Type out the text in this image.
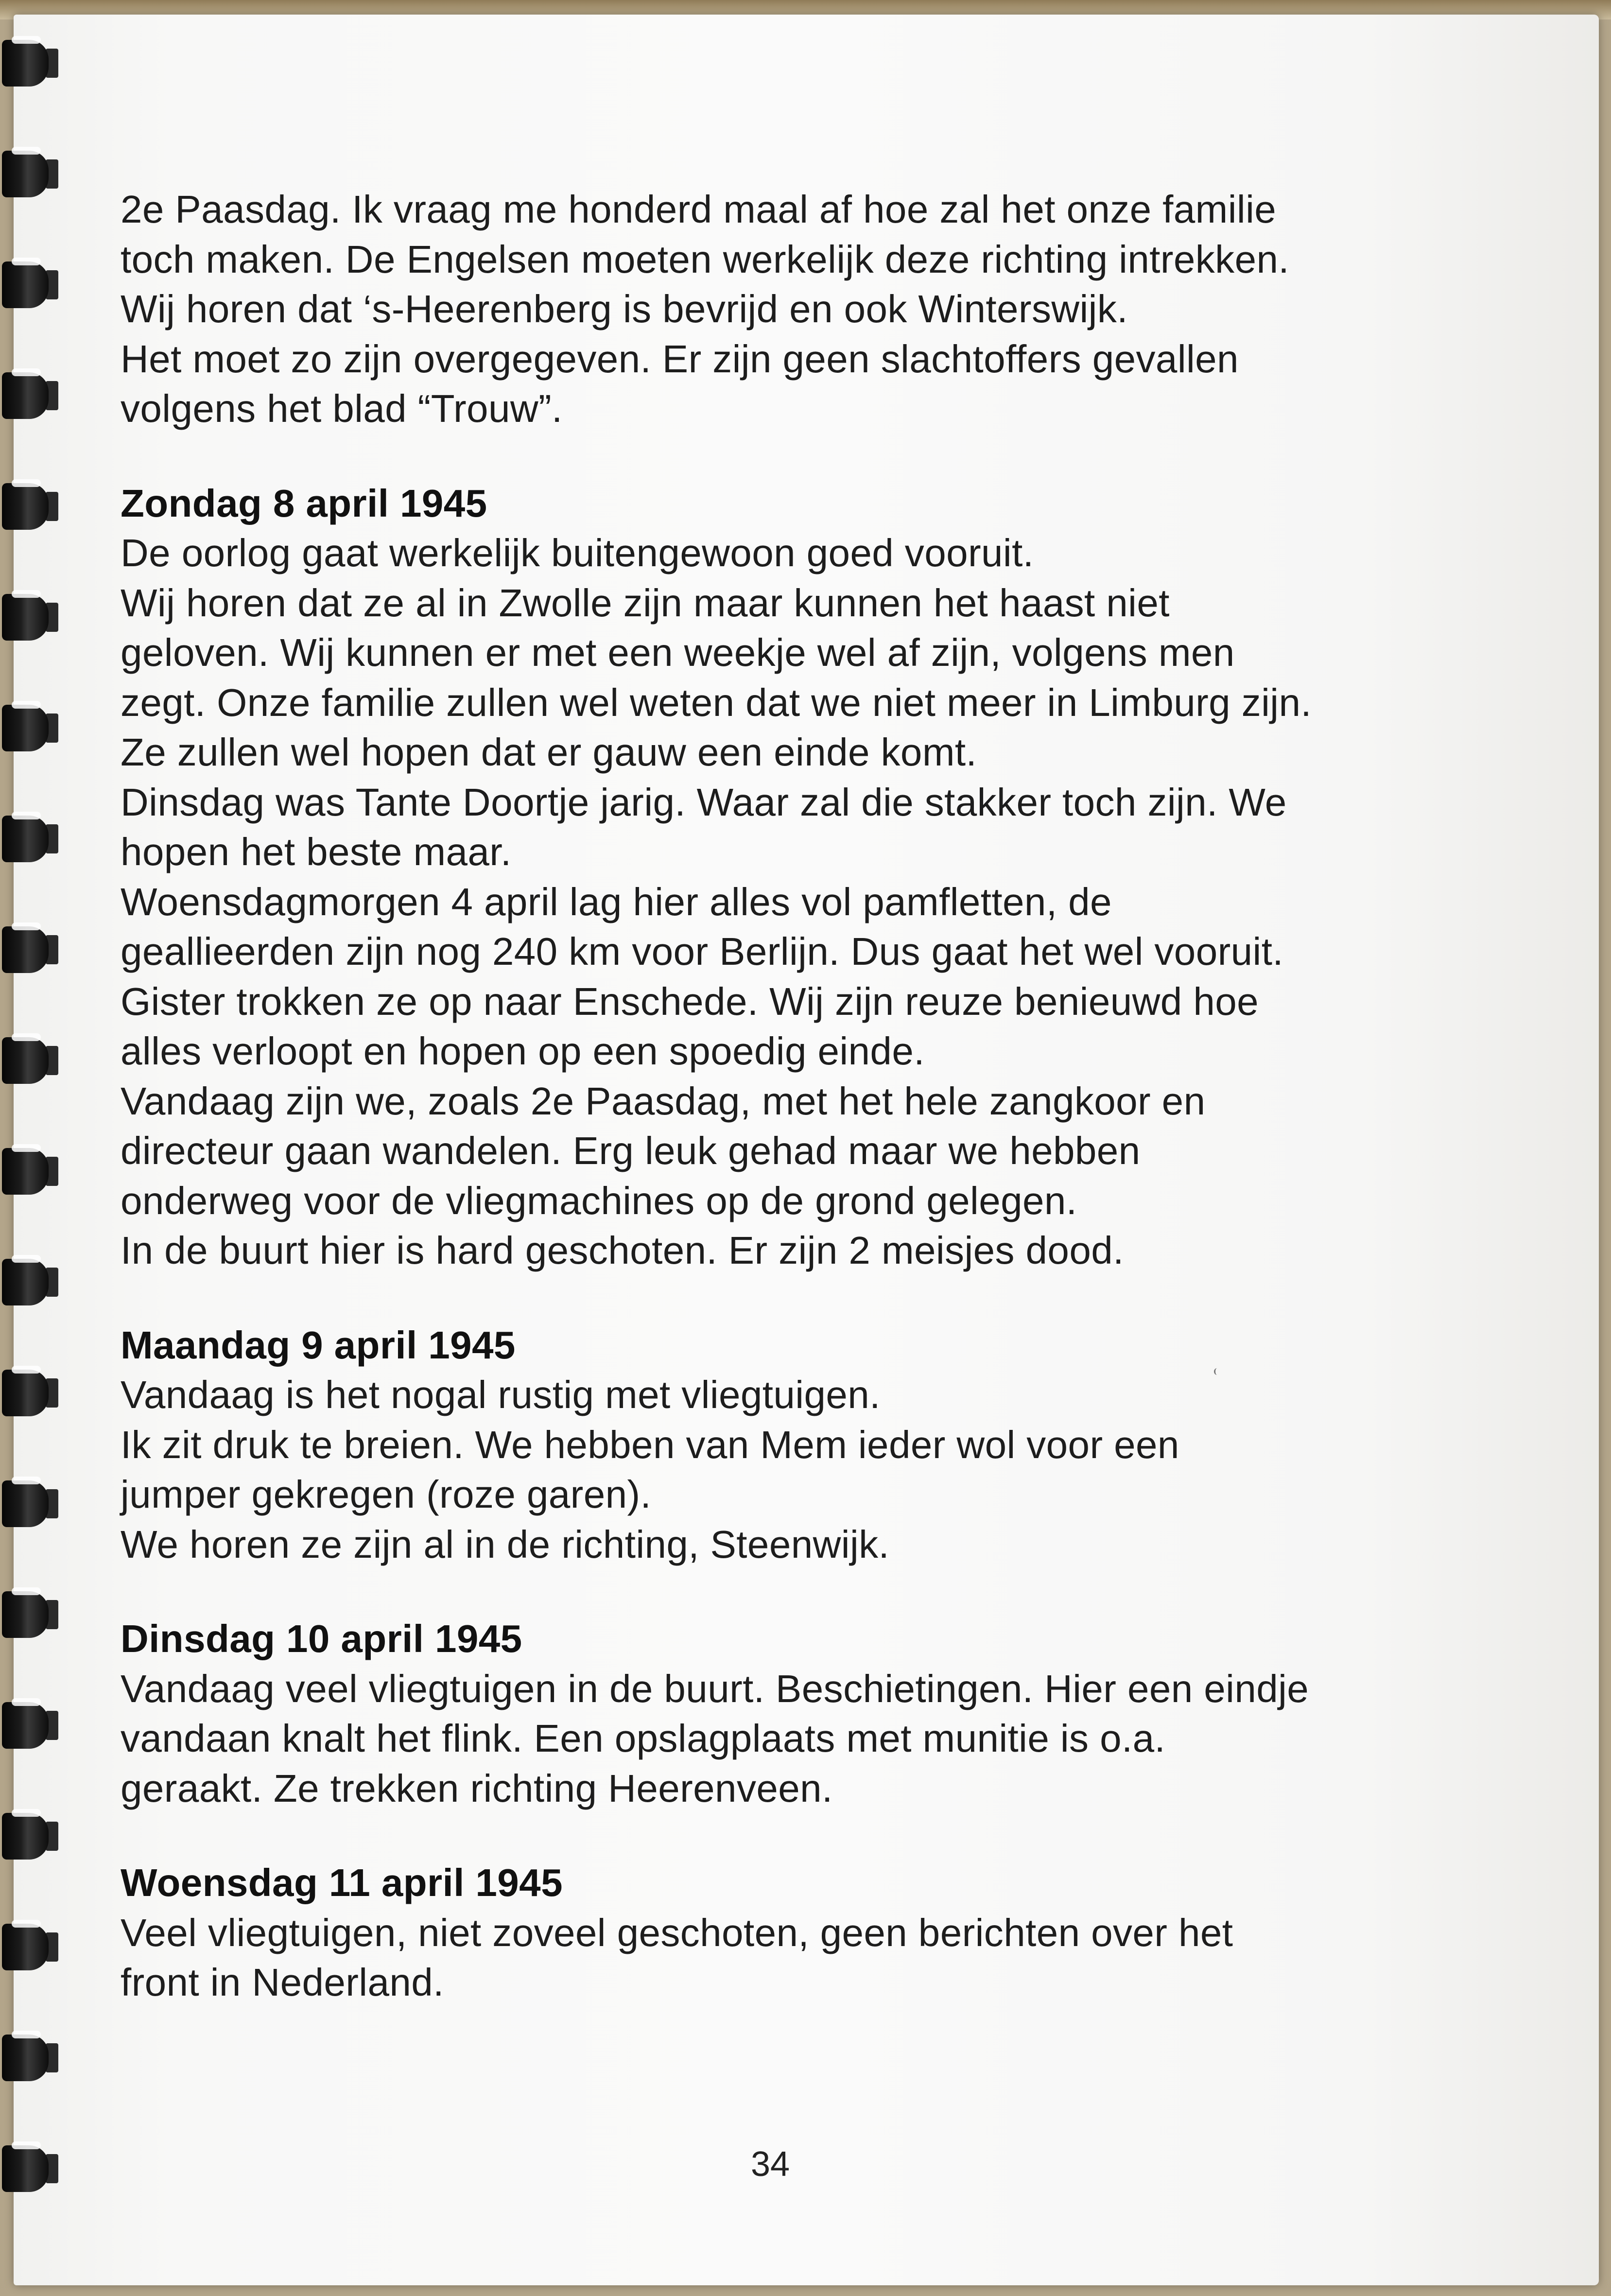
2e Paasdag. Ik vraag me honderd maal af hoe zal het onze familie
toch maken. De Engelsen moeten werkelijk deze richting intrekken.
Wij horen dat ‘s-Heerenberg is bevrijd en ook Winterswijk.
Het moet zo zijn overgegeven. Er zijn geen slachtoffers gevallen
volgens het blad “Trouw”.
Zondag 8 april 1945
De oorlog gaat werkelijk buitengewoon goed vooruit.
Wij horen dat ze al in Zwolle zijn maar kunnen het haast niet
geloven. Wij kunnen er met een weekje wel af zijn, volgens men
zegt. Onze familie zullen wel weten dat we niet meer in Limburg zijn.
Ze zullen wel hopen dat er gauw een einde komt.
Dinsdag was Tante Doortje jarig. Waar zal die stakker toch zijn. We
hopen het beste maar.
Woensdagmorgen 4 april lag hier alles vol pamfletten, de
geallieerden zijn nog 240 km voor Berlijn. Dus gaat het wel vooruit.
Gister trokken ze op naar Enschede. Wij zijn reuze benieuwd hoe
alles verloopt en hopen op een spoedig einde.
Vandaag zijn we, zoals 2e Paasdag, met het hele zangkoor en
directeur gaan wandelen. Erg leuk gehad maar we hebben
onderweg voor de vliegmachines op de grond gelegen.
In de buurt hier is hard geschoten. Er zijn 2 meisjes dood.
Maandag 9 april 1945
Vandaag is het nogal rustig met vliegtuigen.
Ik zit druk te breien. We hebben van Mem ieder wol voor een
jumper gekregen (roze garen).
We horen ze zijn al in de richting, Steenwijk.
Dinsdag 10 april 1945
Vandaag veel vliegtuigen in de buurt. Beschietingen. Hier een eindje
vandaan knalt het flink. Een opslagplaats met munitie is o.a.
geraakt. Ze trekken richting Heerenveen.
Woensdag 11 april 1945
Veel vliegtuigen, niet zoveel geschoten, geen berichten over het
front in Nederland.
34
